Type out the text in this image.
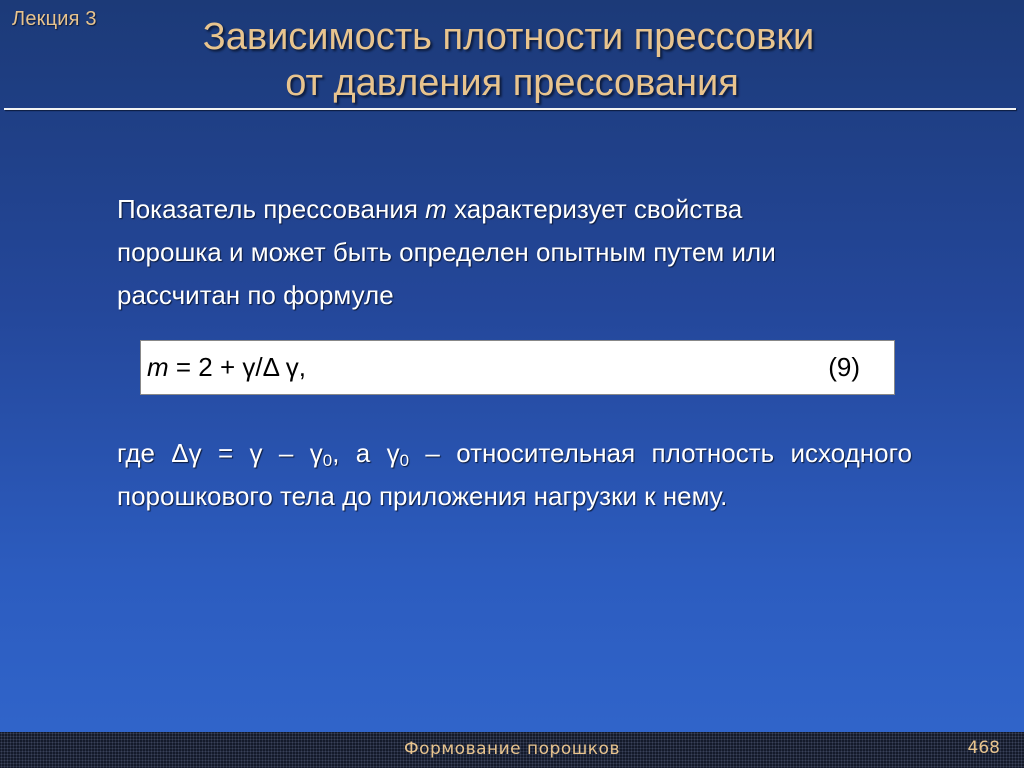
Лекция 3	Зависимость плотности прессовки
от давления прессования
Показатель прессования m характеризует свойства порошка и может быть определен опытным путем или рассчитан по формуле
m = 2 + γ/Δ γ,	(9)
где $\Delta\gamma = \gamma - \gamma_0$, а $\gamma_0$ – относительная плотность исходного порошкового тела до приложения нагрузки к нему.
Формование порошков	468
